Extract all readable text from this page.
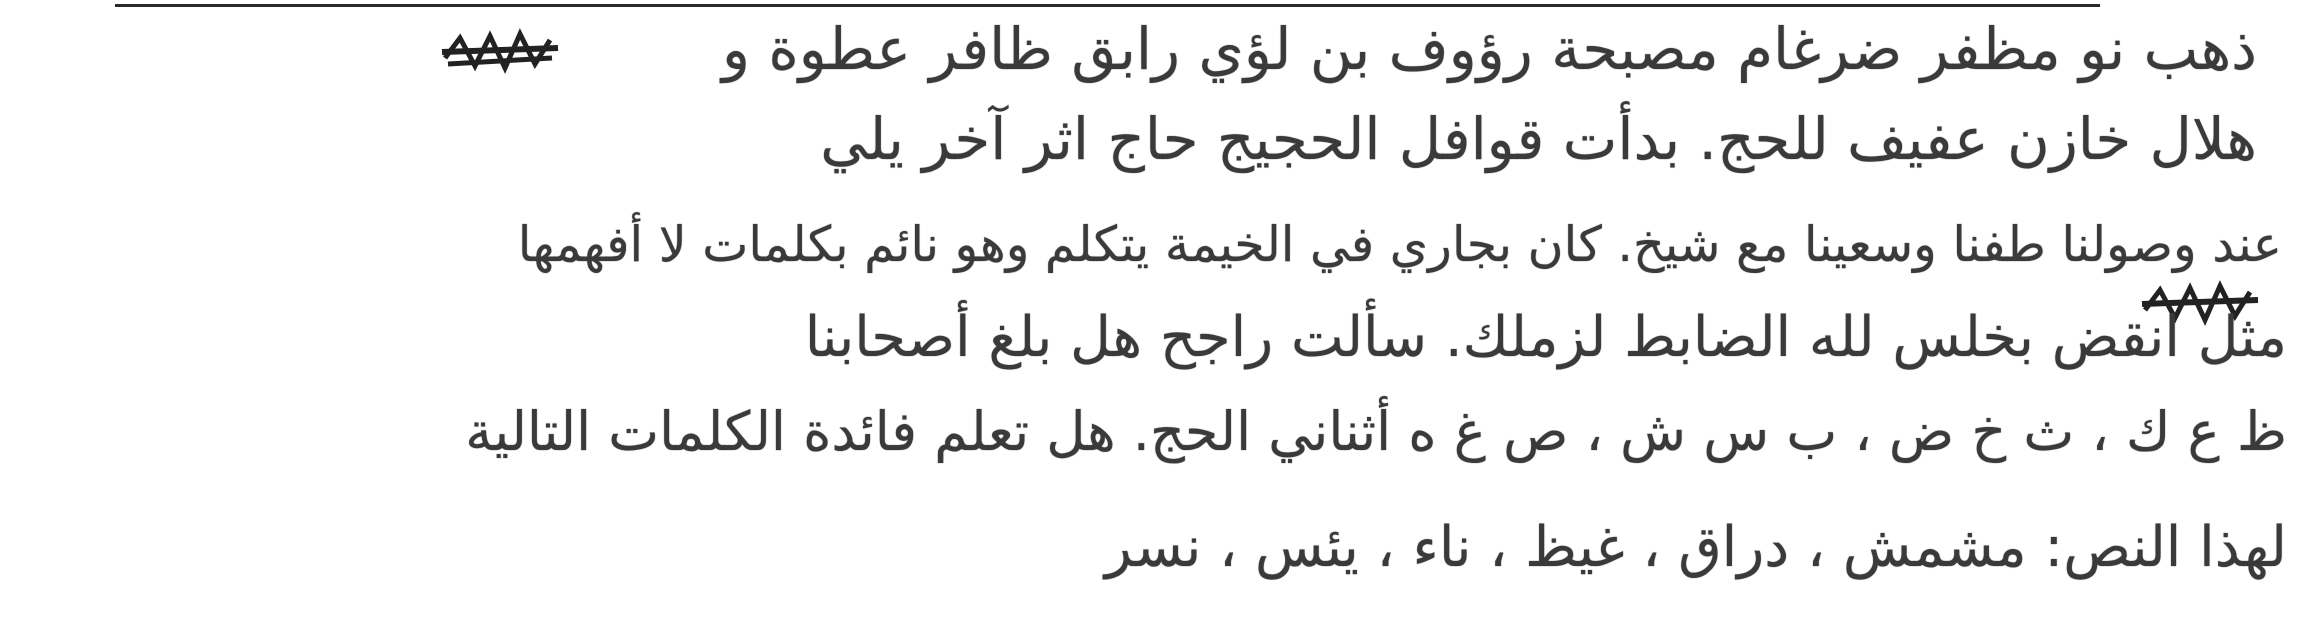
ذهب نو مظفر ضرغام مصبحة رؤوف بن لؤي رابق ظافر عطوة و
هلال خازن عفيف للحج. بدأت قوافل الحجيج حاج اثر آخر يلي
عند وصولنا طفنا وسعينا مع شيخ. كان بجاري في الخيمة يتكلم وهو نائم بكلمات لا أفهمها
مثل انقض بخلس لله الضابط لزملك. سألت راجح هل بلغ أصحابنا
ظ ع ك ، ث خ ض ، ب س ش ، ص غ ه أثناني الحج. هل تعلم فائدة الكلمات التالية
لهذا النص: مشمش ، دراق ، غيظ ، ناء ، يئس ، نسر
